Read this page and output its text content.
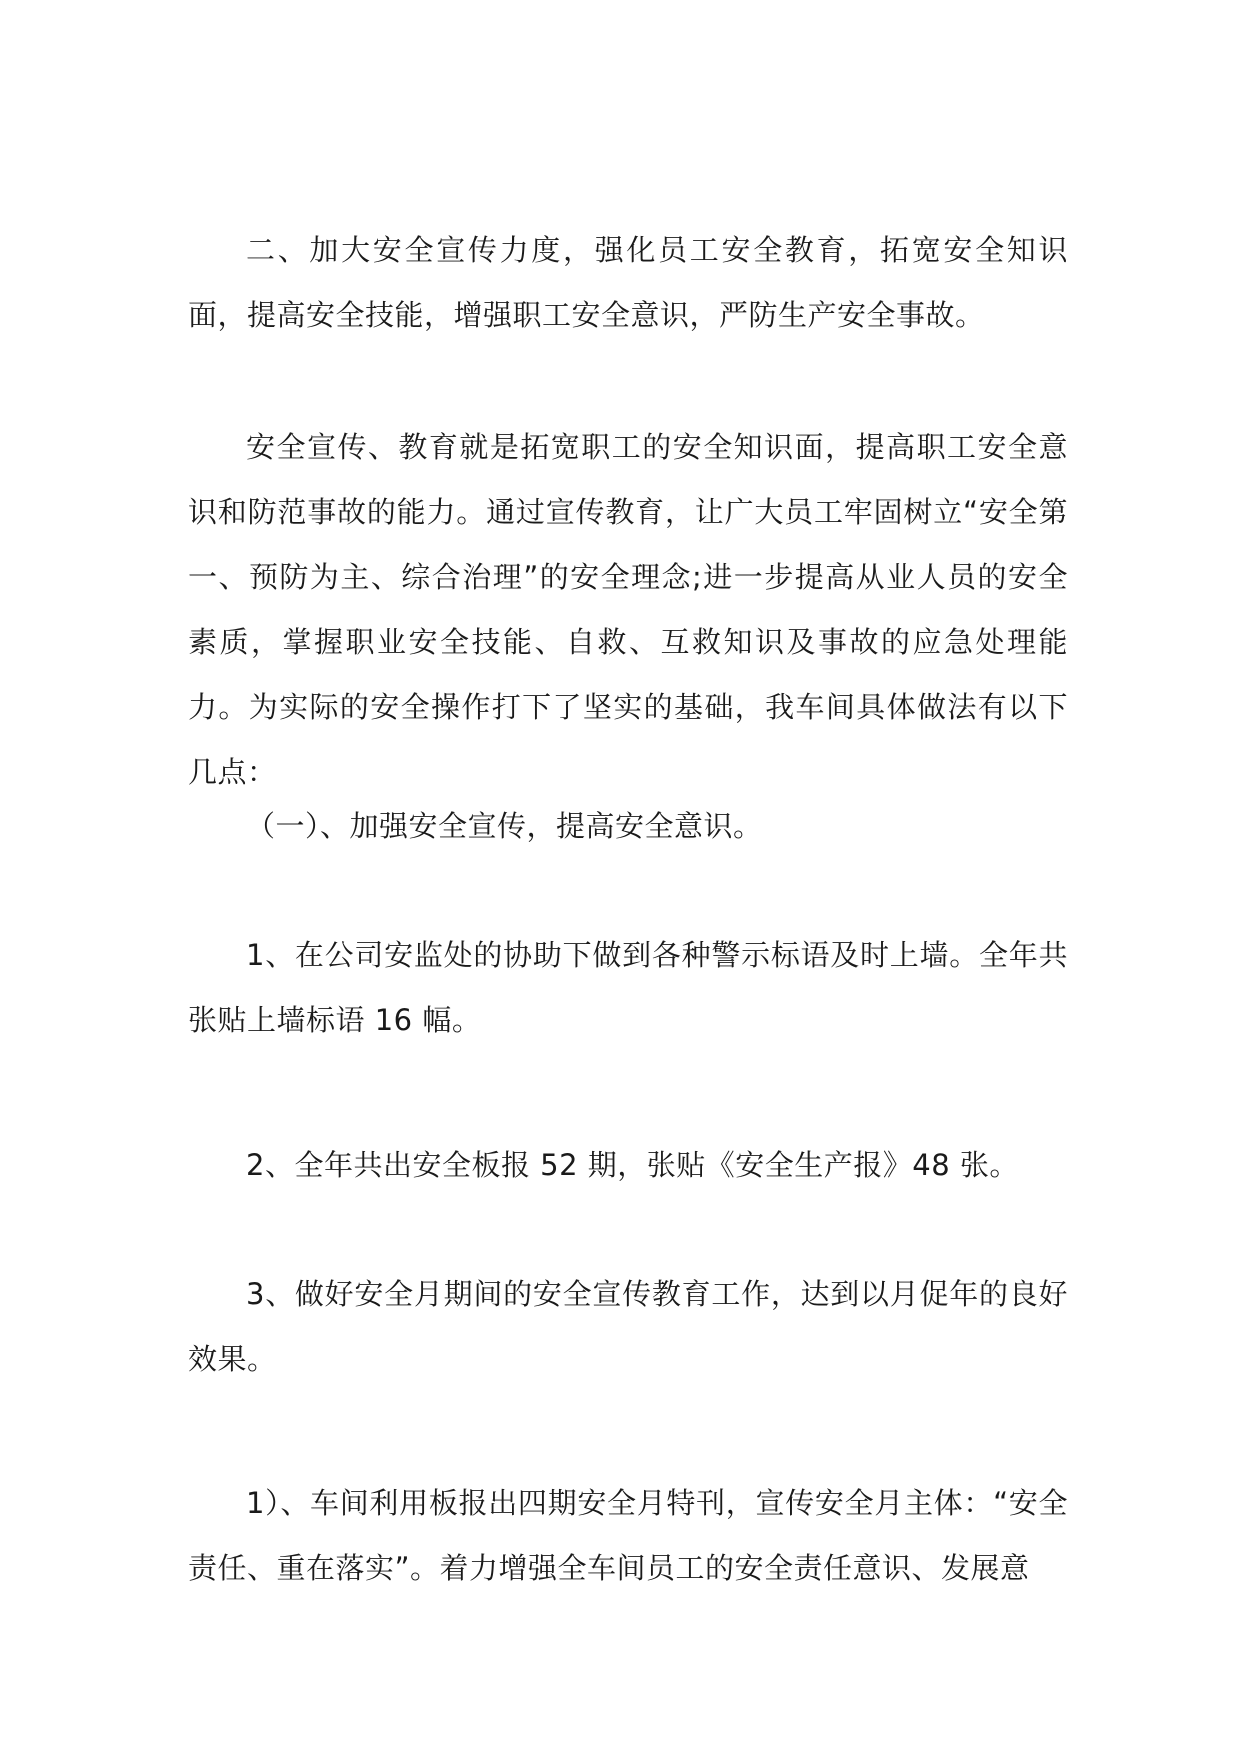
二、加大安全宣传力度，强化员工安全教育，拓宽安全知识面，提高安全技能，增强职工安全意识，严防生产安全事故。

安全宣传、教育就是拓宽职工的安全知识面，提高职工安全意识和防范事故的能力。通过宣传教育，让广大员工牢固树立“安全第一、预防为主、综合治理”的安全理念;进一步提高从业人员的安全素质，掌握职业安全技能、自救、互救知识及事故的应急处理能力。为实际的安全操作打下了坚实的基础，我车间具体做法有以下几点：

（一）、加强安全宣传，提高安全意识。

1、在公司安监处的协助下做到各种警示标语及时上墙。全年共张贴上墙标语 16 幅。

2、全年共出安全板报 52 期，张贴《安全生产报》48 张。

3、做好安全月期间的安全宣传教育工作，达到以月促年的良好效果。

1）、车间利用板报出四期安全月特刊，宣传安全月主体：“安全责任、重在落实”。着力增强全车间员工的安全责任意识、发展意
